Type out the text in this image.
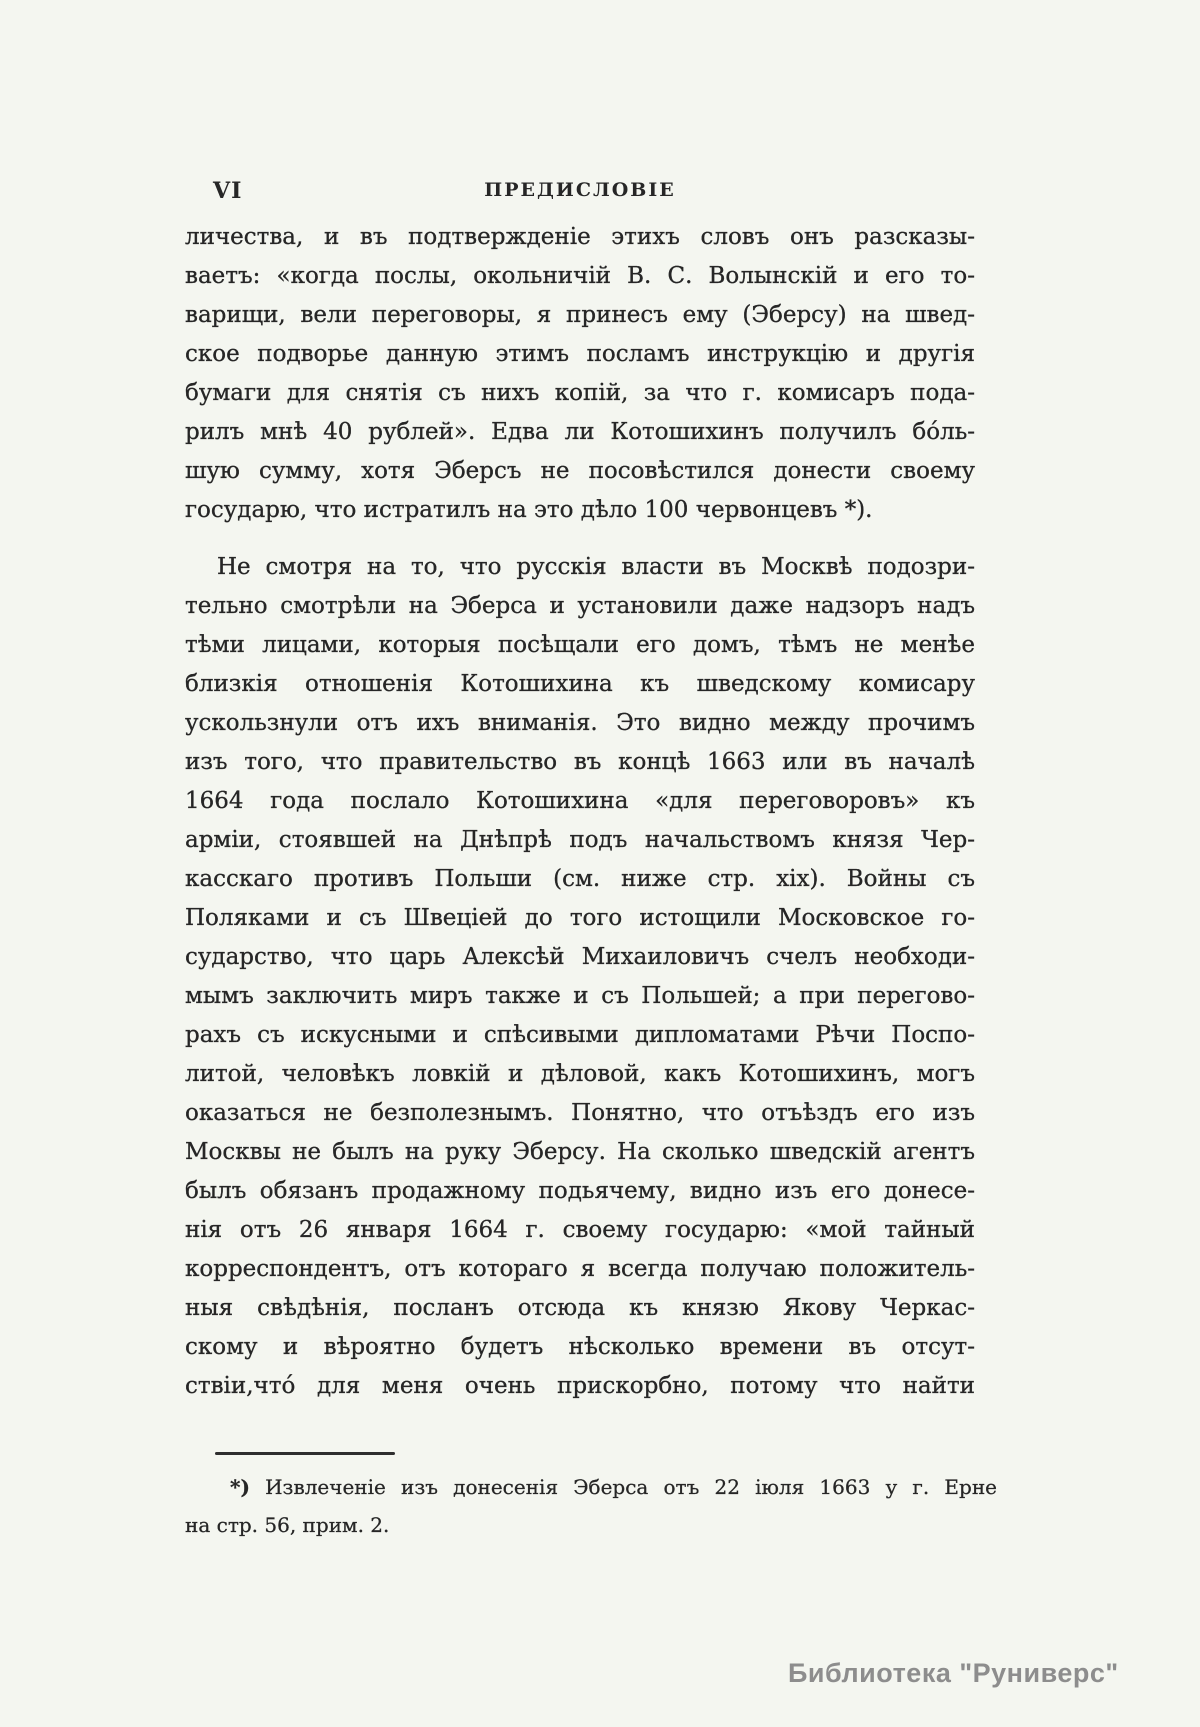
VI	ПРЕДИСЛОВІЕ
личества, и въ подтвержденіе этихъ словъ онъ разсказы-
ваетъ: «когда послы, окольничій В. С. Волынскій и его то-
варищи, вели переговоры, я принесъ ему (Эберсу) на швед-
ское подворье данную этимъ посламъ инструкцію и другія
бумаги для снятія съ нихъ копій, за что г. комисаръ пода-
рилъ мнѣ 40 рублей». Едва ли Котошихинъ получилъ бóль-
шую сумму, хотя Эберсъ не посовѣстился донести своему
государю, что истратилъ на это дѣло 100 червонцевъ *).
Не смотря на то, что русскія власти въ Москвѣ подозри-
тельно смотрѣли на Эберса и установили даже надзоръ надъ
тѣми лицами, которыя посѣщали его домъ, тѣмъ не менѣе
близкія отношенія Котошихина къ шведскому комисару
ускользнули отъ ихъ вниманія. Это видно между прочимъ
изъ того, что правительство въ концѣ 1663 или въ началѣ
1664 года послало Котошихина «для переговоровъ» къ
арміи, стоявшей на Днѣпрѣ подъ начальствомъ князя Чер-
касскаго противъ Польши (см. ниже стр. xix). Войны съ
Поляками и съ Швеціей до того истощили Московское го-
сударство, что царь Алексѣй Михаиловичъ счелъ необходи-
мымъ заключить миръ также и съ Польшей; а при перегово-
рахъ съ искусными и спѣсивыми дипломатами Рѣчи Поспо-
литой, человѣкъ ловкій и дѣловой, какъ Котошихинъ, могъ
оказаться не безполезнымъ. Понятно, что отъѣздъ его изъ
Москвы не былъ на руку Эберсу. На сколько шведскій агентъ
былъ обязанъ продажному подьячему, видно изъ его донесе-
нія отъ 26 января 1664 г. своему государю: «мой тайный
корреспондентъ, отъ котораго я всегда получаю положитель-
ныя свѣдѣнія, посланъ отсюда къ князю Якову Черкас-
скому и вѣроятно будетъ нѣсколько времени въ отсут-
ствіи,чтó для меня очень прискорбно, потому что найти
*) Извлеченіе изъ донесенія Эберса отъ 22 іюля 1663 у г. Ерне
на стр. 56, прим. 2.
Библиотека "Руниверс"
